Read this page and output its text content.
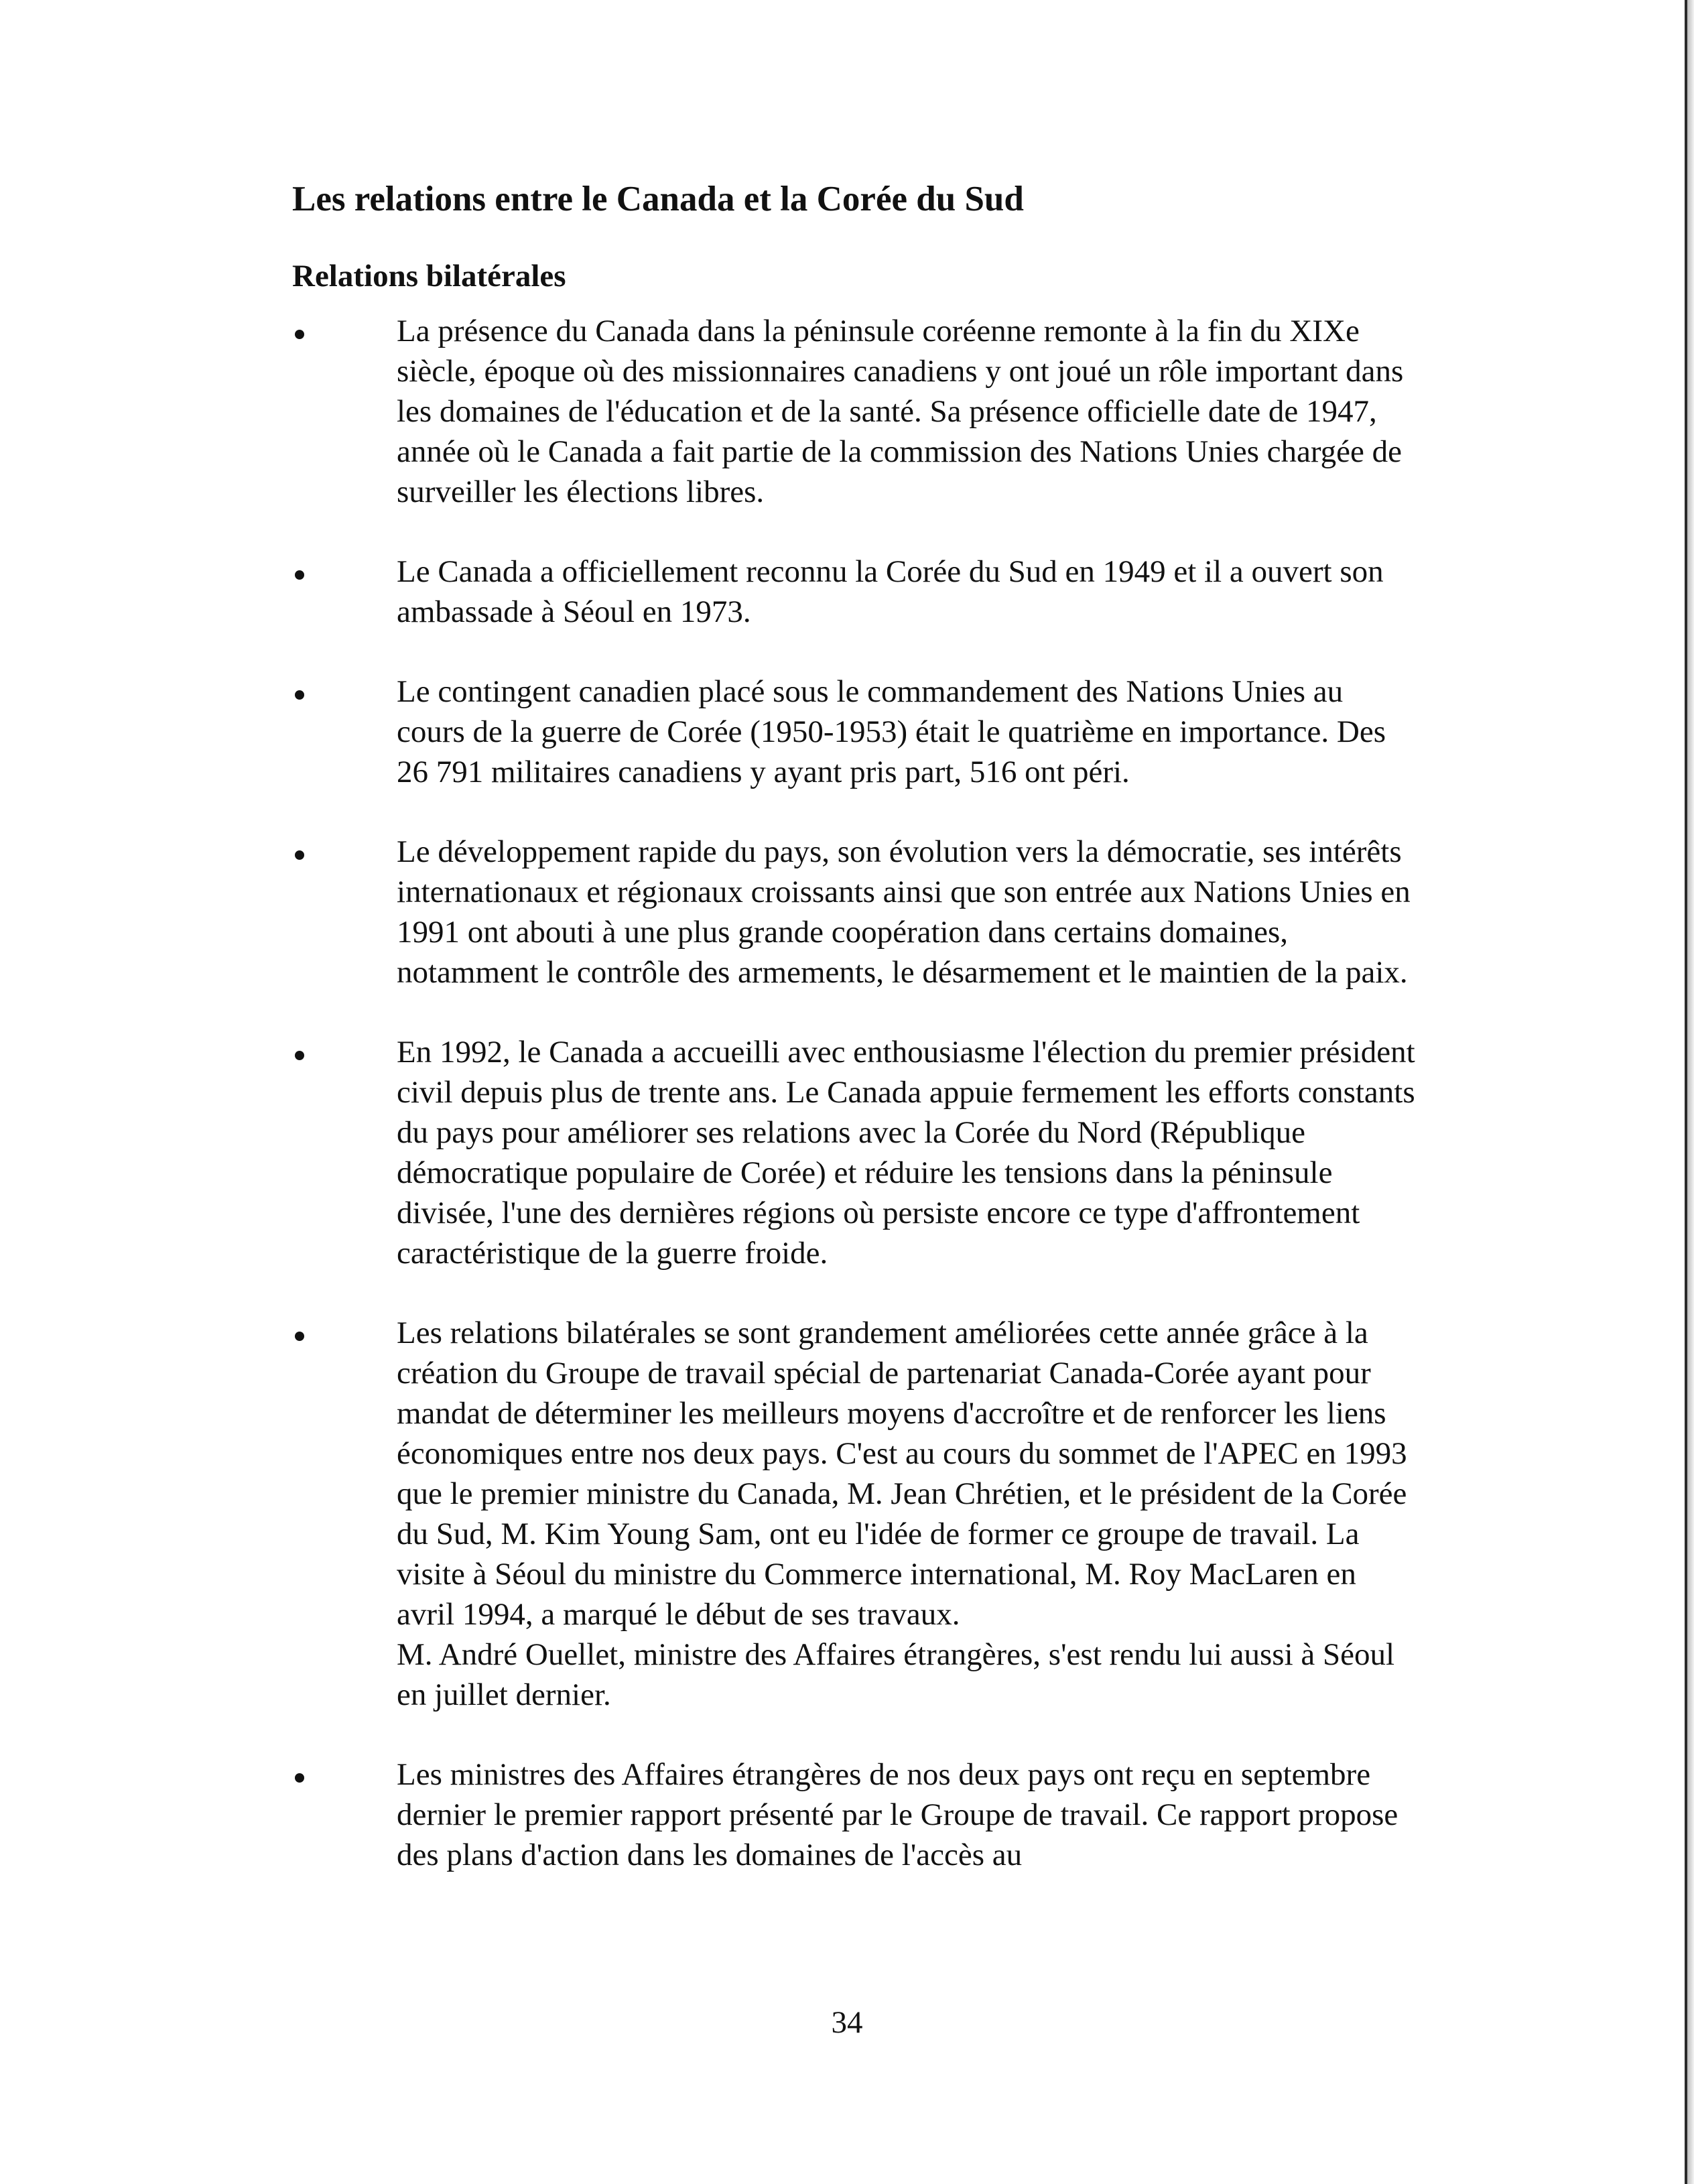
Les relations entre le Canada et la Corée du Sud
Relations bilatérales

La présence du Canada dans la péninsule coréenne remonte à la fin du XIXe siècle, époque où des missionnaires canadiens y ont joué un rôle important dans les domaines de l'éducation et de la santé. Sa présence officielle date de 1947, année où le Canada a fait partie de la commission des Nations Unies chargée de surveiller les élections libres.

Le Canada a officiellement reconnu la Corée du Sud en 1949 et il a ouvert son ambassade à Séoul en 1973.

Le contingent canadien placé sous le commandement des Nations Unies au cours de la guerre de Corée (1950-1953) était le quatrième en importance. Des 26 791 militaires canadiens y ayant pris part, 516 ont péri.

Le développement rapide du pays, son évolution vers la démocratie, ses intérêts internationaux et régionaux croissants ainsi que son entrée aux Nations Unies en 1991 ont abouti à une plus grande coopération dans certains domaines, notamment le contrôle des armements, le désarmement et le maintien de la paix.

En 1992, le Canada a accueilli avec enthousiasme l'élection du premier président civil depuis plus de trente ans. Le Canada appuie fermement les efforts constants du pays pour améliorer ses relations avec la Corée du Nord (République démocratique populaire de Corée) et réduire les tensions dans la péninsule divisée, l'une des dernières régions où persiste encore ce type d'affrontement caractéristique de la guerre froide.

Les relations bilatérales se sont grandement améliorées cette année grâce à la création du Groupe de travail spécial de partenariat Canada-Corée ayant pour mandat de déterminer les meilleurs moyens d'accroître et de renforcer les liens économiques entre nos deux pays. C'est au cours du sommet de l'APEC en 1993 que le premier ministre du Canada, M. Jean Chrétien, et le président de la Corée du Sud, M. Kim Young Sam, ont eu l'idée de former ce groupe de travail. La visite à Séoul du ministre du Commerce international, M. Roy MacLaren en avril 1994, a marqué le début de ses travaux.

M. André Ouellet, ministre des Affaires étrangères, s'est rendu lui aussi à Séoul en juillet dernier.

Les ministres des Affaires étrangères de nos deux pays ont reçu en septembre dernier le premier rapport présenté par le Groupe de travail. Ce rapport propose des plans d'action dans les domaines de l'accès au

34
